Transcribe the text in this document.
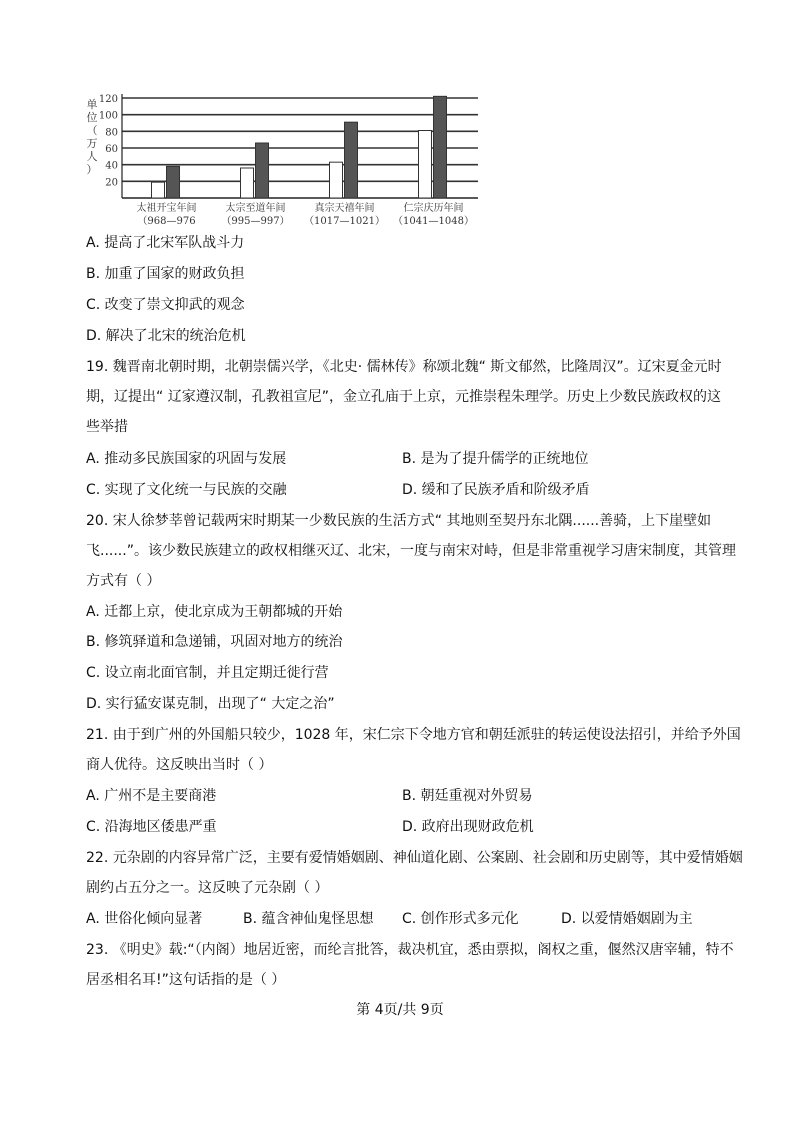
20
40
60
80
100
120
单
位
（
万
人
）
太祖开宝年间
（968—976
太宗至道年间
（995—997）
真宗天禧年间
（1017—1021）
仁宗庆历年间
（1041—1048）
A. 提高了北宋军队战斗力
B. 加重了国家的财政负担
C. 改变了崇文抑武的观念
D. 解决了北宋的统治危机
19. 魏晋南北朝时期，北朝崇儒兴学，《北史· 儒林传》称颂北魏“ 斯文郁然，比隆周汉”。辽宋夏金元时
期，辽提出“ 辽家遵汉制，孔教祖宣尼”，金立孔庙于上京，元推崇程朱理学。历史上少数民族政权的这
些举措
A. 推动多民族国家的巩固与发展	B. 是为了提升儒学的正统地位
C. 实现了文化统一与民族的交融	D. 缓和了民族矛盾和阶级矛盾
20. 宋人徐梦莘曾记载两宋时期某一少数民族的生活方式“ 其地则至契丹东北隅......善骑，上下崖壁如
飞......”。该少数民族建立的政权相继灭辽、北宋，一度与南宋对峙，但是非常重视学习唐宋制度，其管理
方式有（ ）
A. 迁都上京，使北京成为王朝都城的开始
B. 修筑驿道和急递铺，巩固对地方的统治
C. 设立南北面官制，并且定期迁徙行营
D. 实行猛安谋克制，出现了“ 大定之治”
21. 由于到广州的外国船只较少，1028 年，宋仁宗下令地方官和朝廷派驻的转运使设法招引，并给予外国
商人优待。这反映出当时（ ）
A. 广州不是主要商港	B. 朝廷重视对外贸易
C. 沿海地区倭患严重	D. 政府出现财政危机
22. 元杂剧的内容异常广泛，主要有爱情婚姻剧、神仙道化剧、公案剧、社会剧和历史剧等，其中爱情婚姻
剧约占五分之一。这反映了元杂剧（ ）
A. 世俗化倾向显著	B. 蕴含神仙鬼怪思想 C. 创作形式多元化	D. 以爱情婚姻剧为主
23. 《明史》载:“（内阁）地居近密，而纶言批答，裁决机宜，悉由票拟，阁权之重，偃然汉唐宰辅，特不
居丞相名耳!”这句话指的是（ ）
第 4页/共 9页
